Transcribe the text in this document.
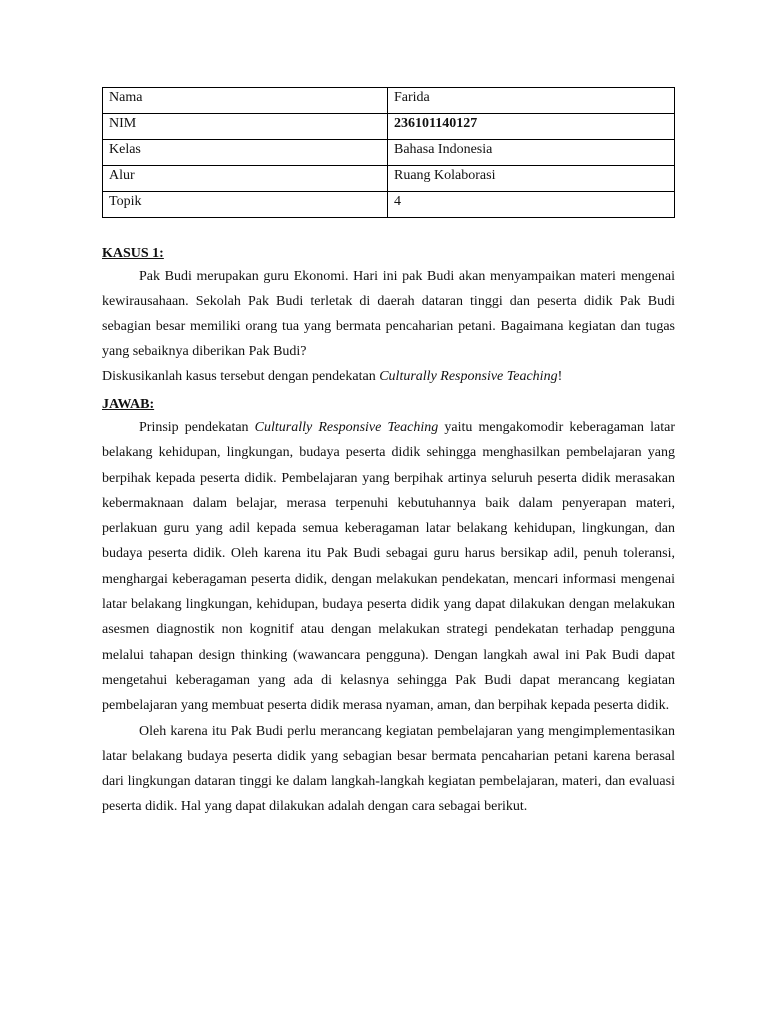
Nama	Farida
NIM	236101140127
Kelas	Bahasa Indonesia
Alur	Ruang Kolaborasi
Topik	4
KASUS 1:

Pak Budi merupakan guru Ekonomi. Hari ini pak Budi akan menyampaikan materi mengenai kewirausahaan. Sekolah Pak Budi terletak di daerah dataran tinggi dan peserta didik Pak Budi sebagian besar memiliki orang tua yang bermata pencaharian petani. Bagaimana kegiatan dan tugas yang sebaiknya diberikan Pak Budi?

Diskusikanlah kasus tersebut dengan pendekatan Culturally Responsive Teaching!

JAWAB:

Prinsip pendekatan Culturally Responsive Teaching yaitu mengakomodir keberagaman latar belakang kehidupan, lingkungan, budaya peserta didik sehingga menghasilkan pembelajaran yang berpihak kepada peserta didik. Pembelajaran yang berpihak artinya seluruh peserta didik merasakan kebermaknaan dalam belajar, merasa terpenuhi kebutuhannya baik dalam penyerapan materi, perlakuan guru yang adil kepada semua keberagaman latar belakang kehidupan, lingkungan, dan budaya peserta didik. Oleh karena itu Pak Budi sebagai guru harus bersikap adil, penuh toleransi, menghargai keberagaman peserta didik, dengan melakukan pendekatan, mencari informasi mengenai latar belakang lingkungan, kehidupan, budaya peserta didik yang dapat dilakukan dengan melakukan asesmen diagnostik non kognitif atau dengan melakukan strategi pendekatan terhadap pengguna melalui tahapan design thinking (wawancara pengguna). Dengan langkah awal ini Pak Budi dapat mengetahui keberagaman yang ada di kelasnya sehingga Pak Budi dapat merancang kegiatan pembelajaran yang membuat peserta didik merasa nyaman, aman, dan berpihak kepada peserta didik.

Oleh karena itu Pak Budi perlu merancang kegiatan pembelajaran yang mengimplementasikan latar belakang budaya peserta didik yang sebagian besar bermata pencaharian petani karena berasal dari lingkungan dataran tinggi ke dalam langkah-langkah kegiatan pembelajaran, materi, dan evaluasi peserta didik. Hal yang dapat dilakukan adalah dengan cara sebagai berikut.
